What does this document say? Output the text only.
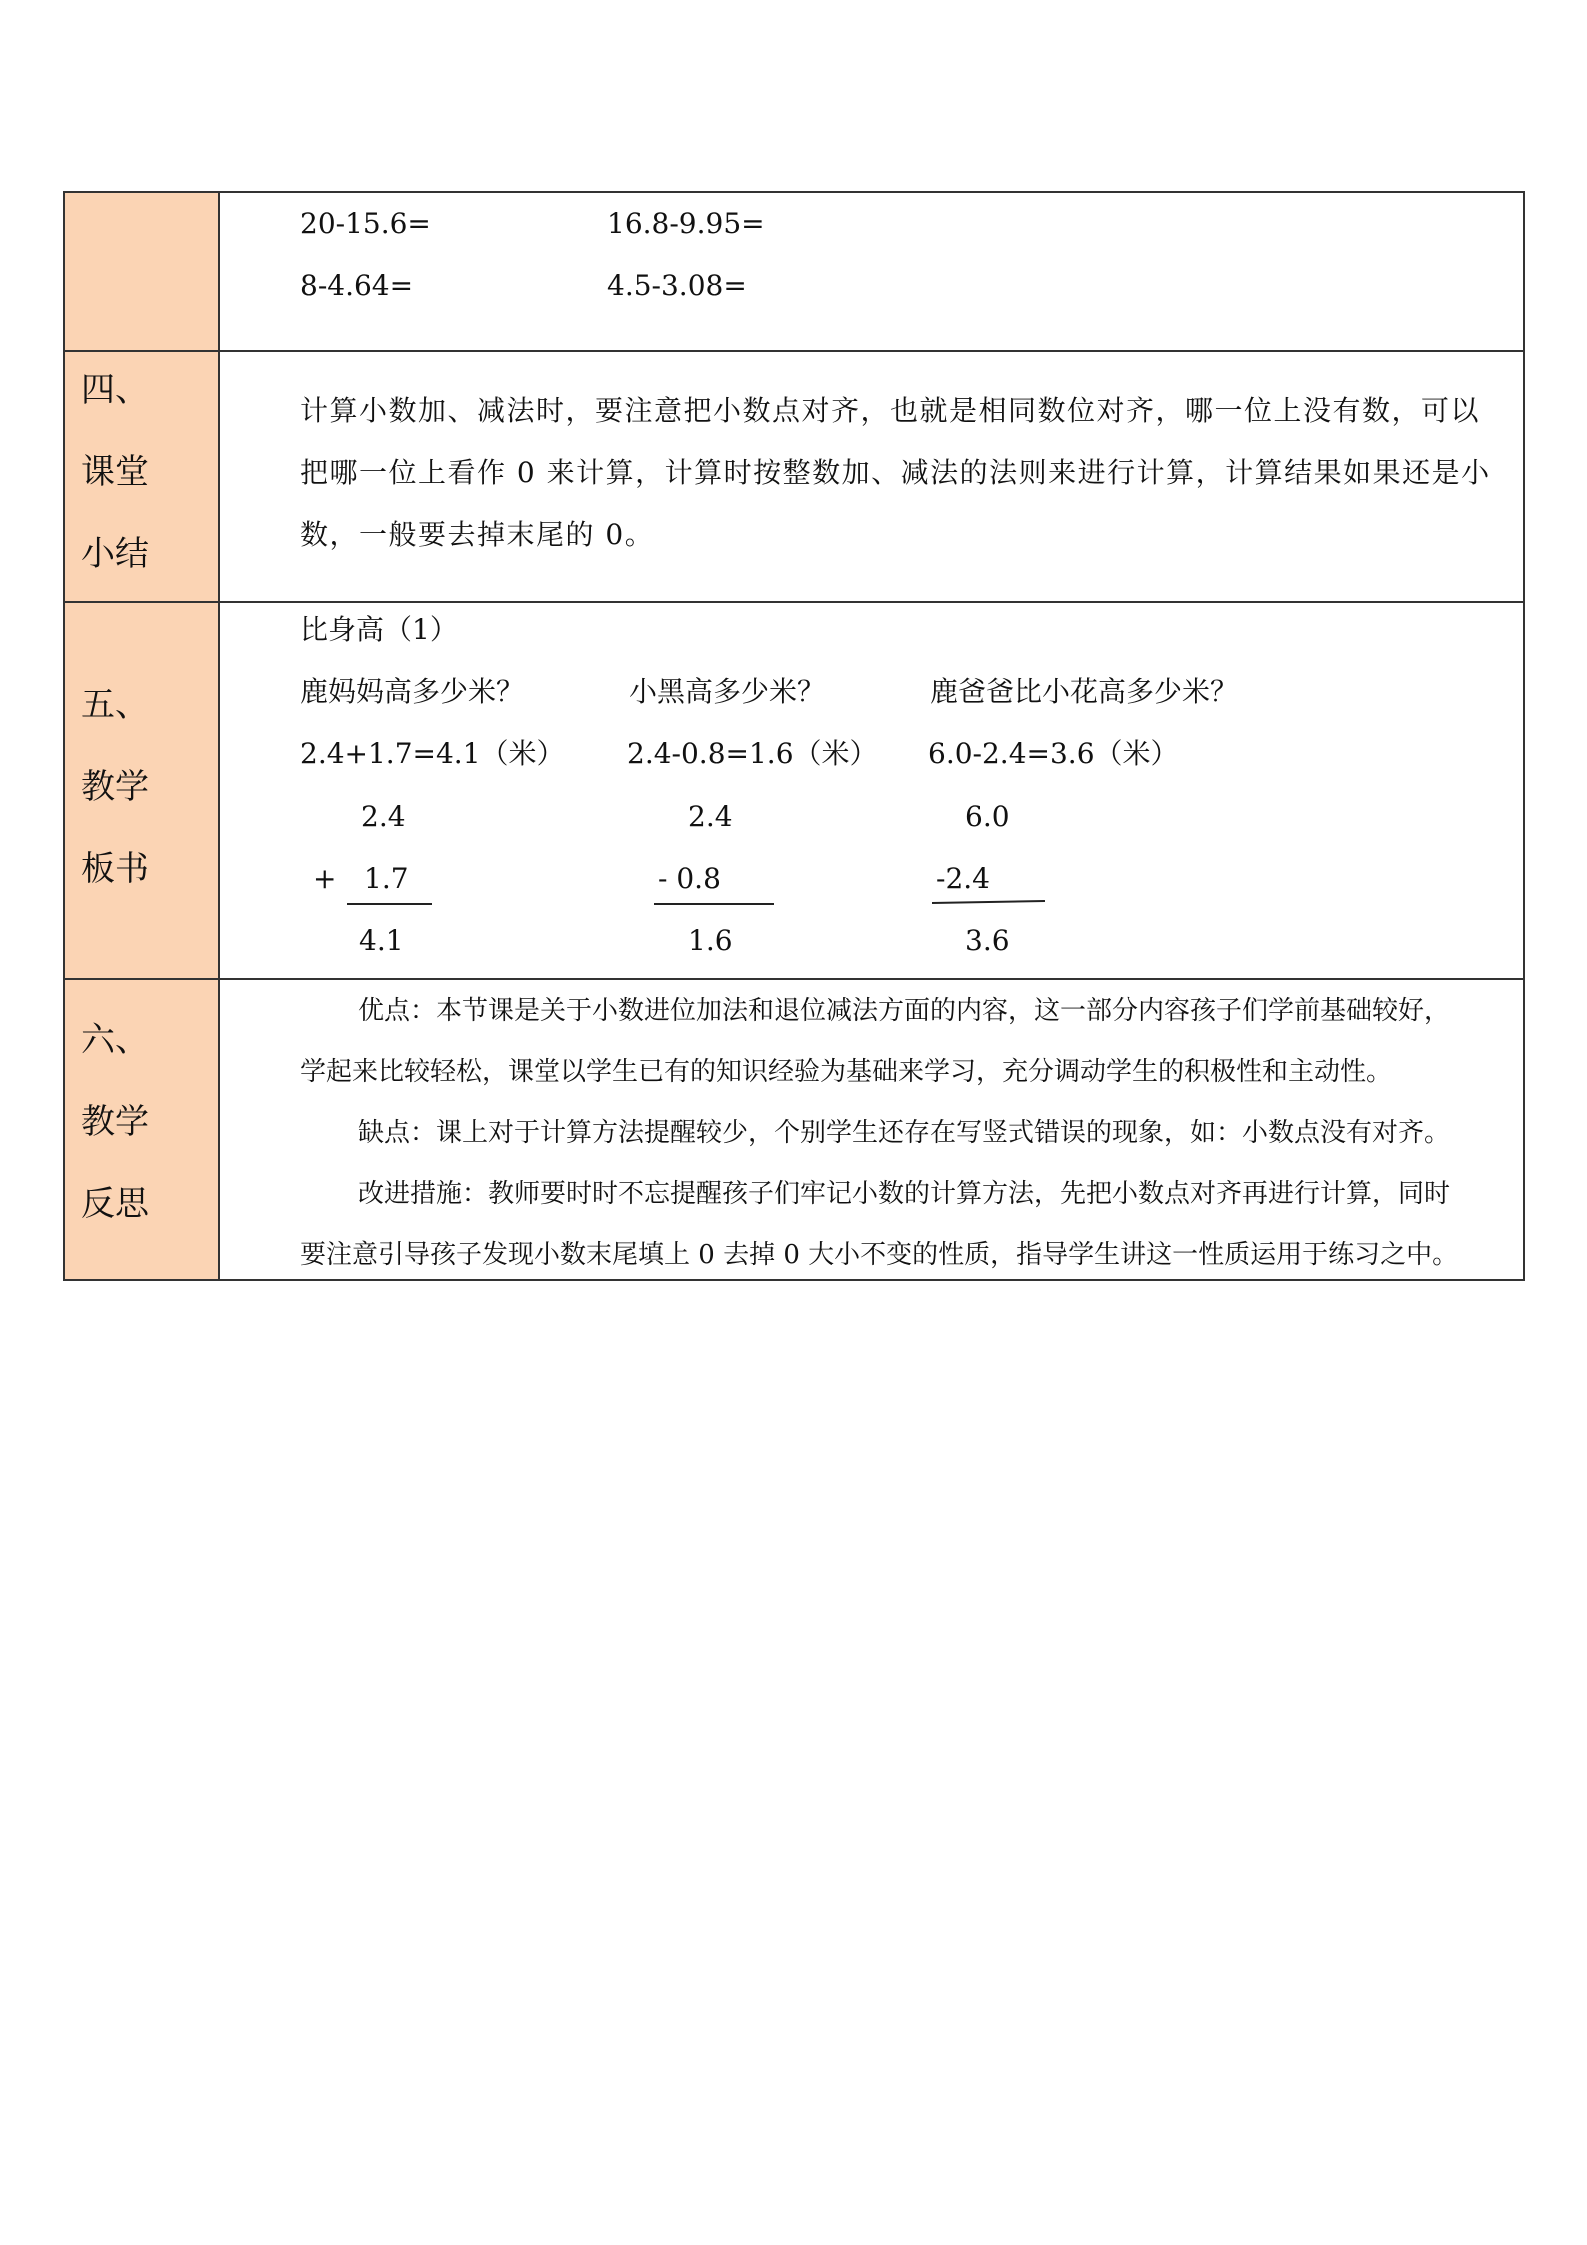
20-15.6=	16.8-9.95=
8-4.64=	4.5-3.08=
四、
课堂
小结
计算小数加、减法时，要注意把小数点对齐，也就是相同数位对齐，哪一位上没有数，可以
把哪一位上看作 0 来计算，计算时按整数加、减法的法则来进行计算，计算结果如果还是小
数，一般要去掉末尾的 0。
五、
教学
板书
比身高（1）
鹿妈妈高多少米？	小黑高多少米？	鹿爸爸比小花高多少米？
2.4+1.7=4.1（米） 2.4-0.8=1.6（米） 6.0-2.4=3.6（米）
2.4
+ 1.7
4.1
2.4
- 0.8
1.6
6.0
-2.4
3.6
六、
教学
反思
优点：本节课是关于小数进位加法和退位减法方面的内容，这一部分内容孩子们学前基础较好，
学起来比较轻松，课堂以学生已有的知识经验为基础来学习，充分调动学生的积极性和主动性。
缺点：课上对于计算方法提醒较少，个别学生还存在写竖式错误的现象，如：小数点没有对齐。
改进措施：教师要时时不忘提醒孩子们牢记小数的计算方法，先把小数点对齐再进行计算，同时
要注意引导孩子发现小数末尾填上 0 去掉 0 大小不变的性质，指导学生讲这一性质运用于练习之中。
